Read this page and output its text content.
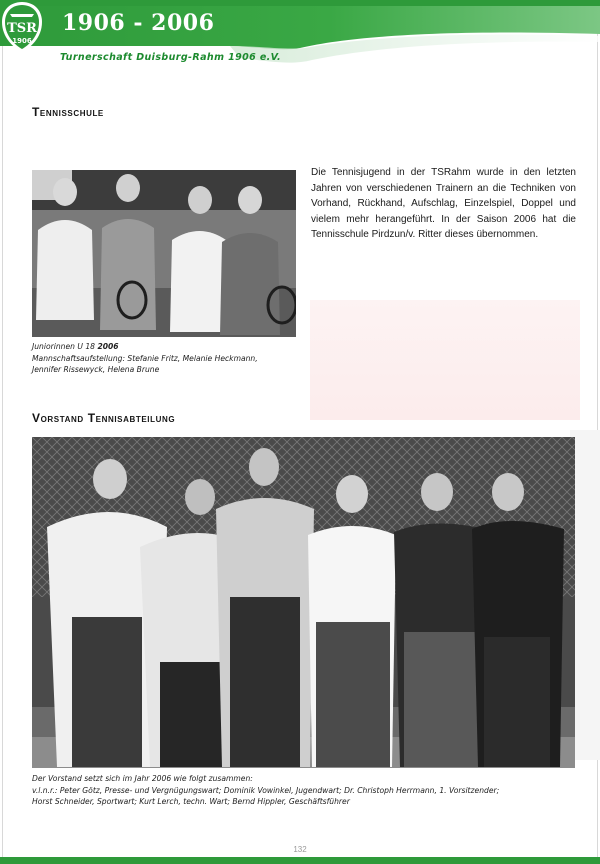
TSR
1906
1906 - 2006
Turnerschaft Duisburg-Rahm 1906 e.V.
Tennisschule
Die Tennisjugend in der TSRahm wurde in den letzten Jahren von verschiedenen Trainern an die Techniken von Vorhand, Rückhand, Aufschlag, Einzelspiel, Doppel und vielem mehr herangeführt. In der Saison 2006 hat die Tennisschule Pirdzun/v. Ritter dieses übernommen.
Juniorinnen U 18 2006
Mannschaftsaufstellung: Stefanie Fritz, Melanie Heckmann,
Jennifer Rissewyck, Helena Brune
Vorstand Tennisabteilung
Der Vorstand setzt sich im Jahr 2006 wie folgt zusammen:
v.l.n.r.: Peter Götz, Presse- und Vergnügungswart; Dominik Vowinkel, Jugendwart; Dr. Christoph Herrmann, 1. Vorsitzender;
Horst Schneider, Sportwart; Kurt Lerch, techn. Wart; Bernd Hippler, Geschäftsführer
132
